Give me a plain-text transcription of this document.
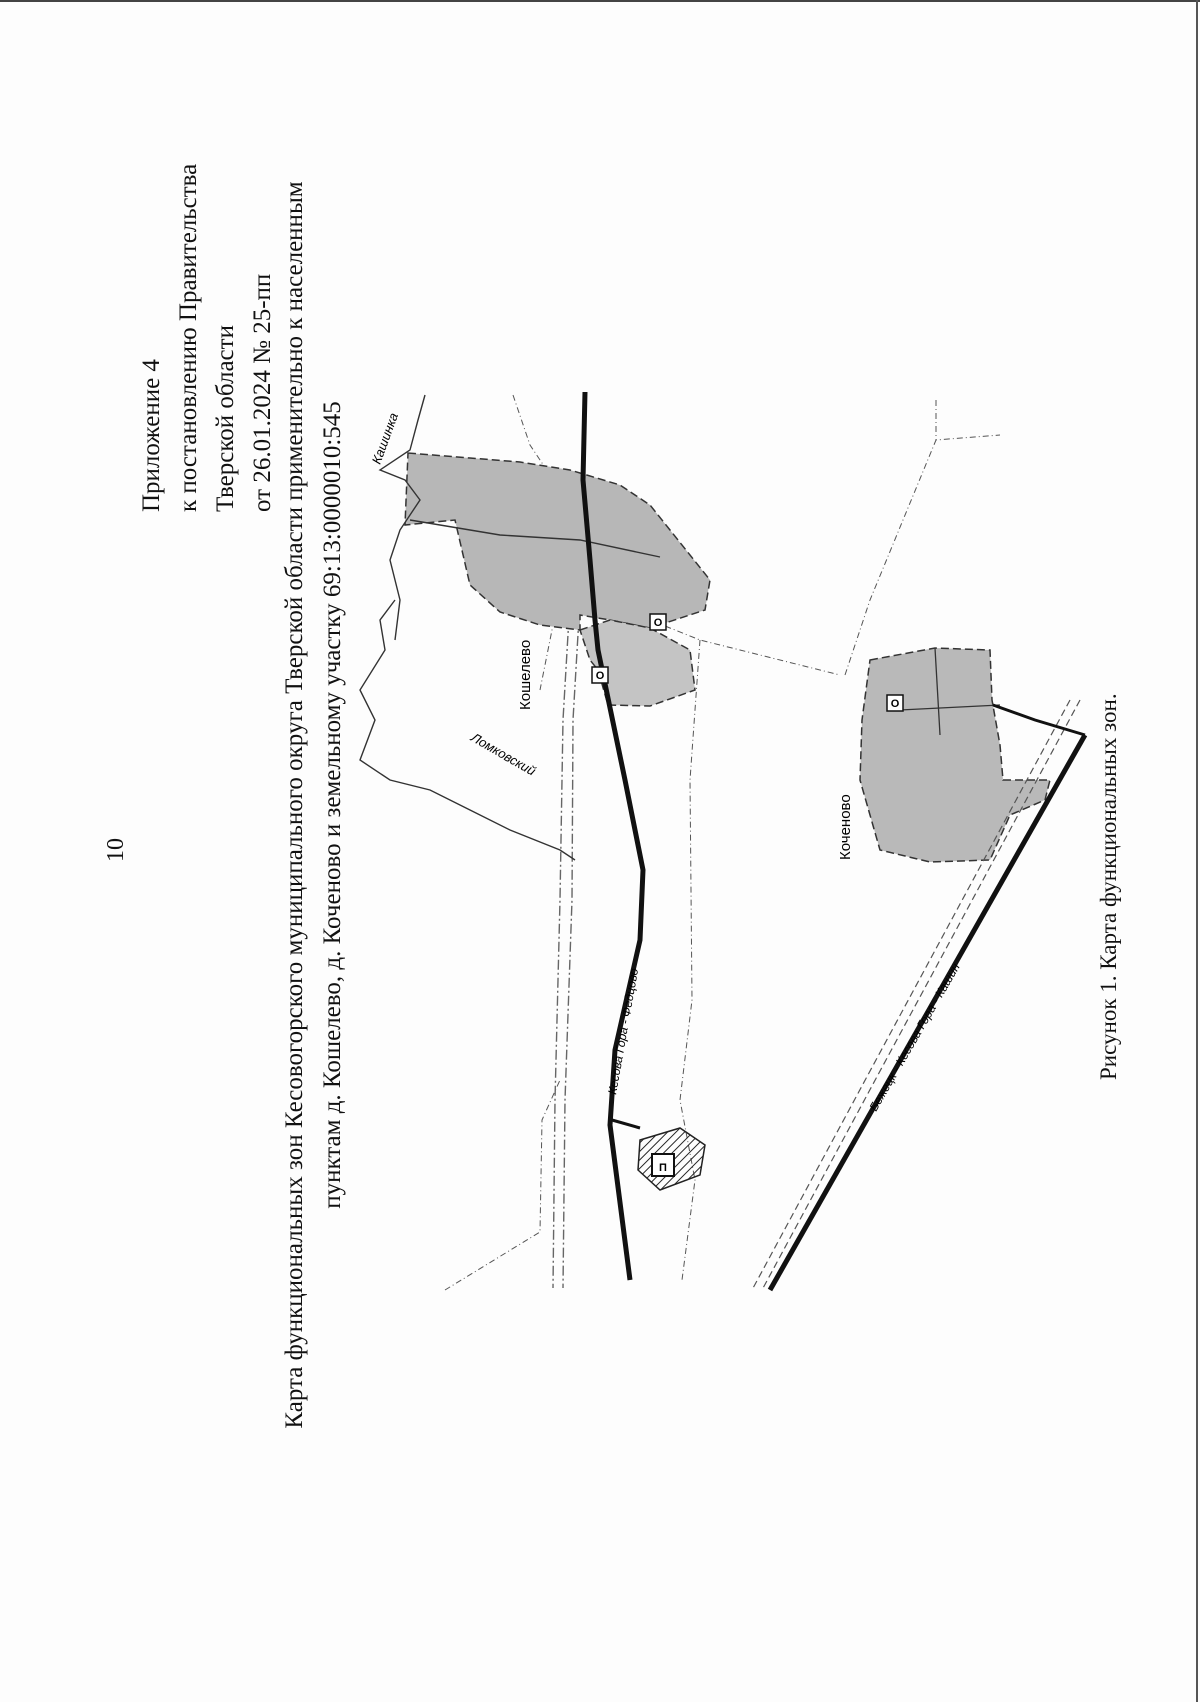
10
Приложение 4 к постановлению Правительства Тверской области от 26.01.2024 № 25-пп Карта функциональных зон Кесовогорского муниципального округа Тверской области применительно к населенным пунктам д. Кошелево, д. Коченово и земельному участку 69:13:0000010:545	П
О
О
О
Кошелево
Коченово
Кашинка
Ломковский
Кесова Гора - Федцово	Бежецк - Кесова Гора - Кашин	Рисунок 1. Карта функциональных зон.
